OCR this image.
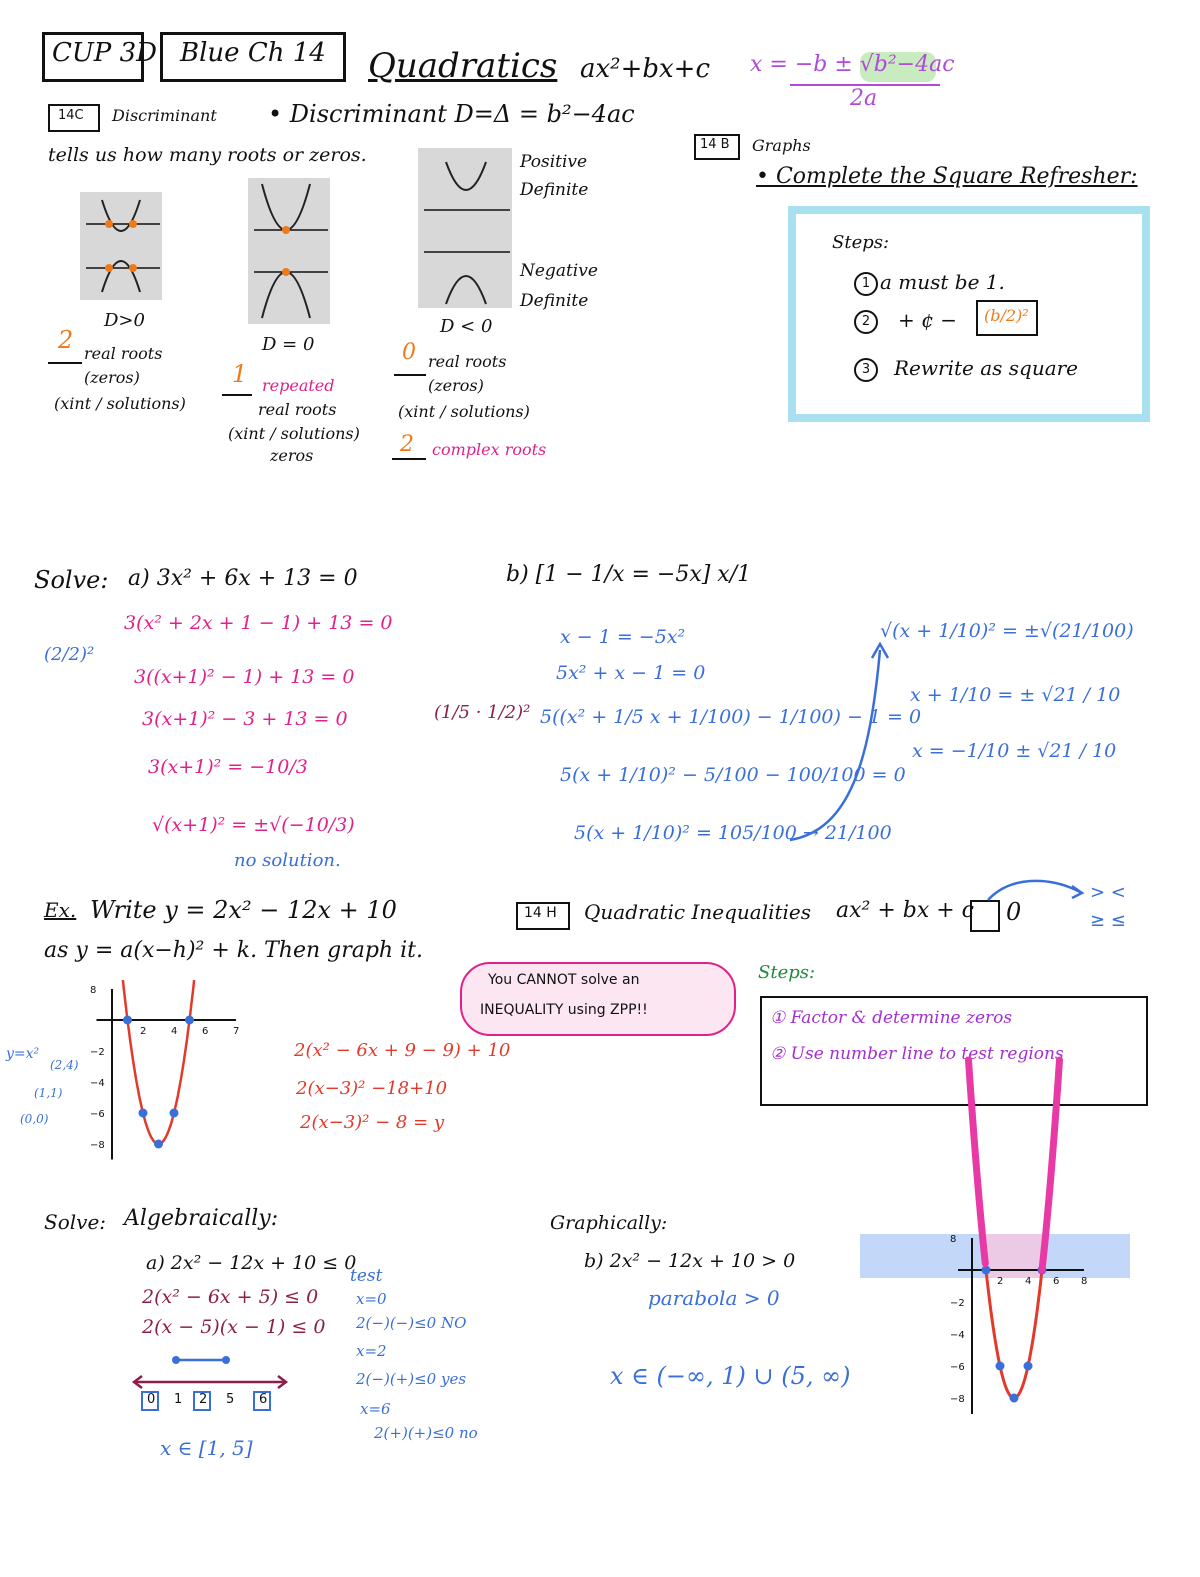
CUP 3D Blue Ch 14 Quadratics ax²+bx+c x = −b ± √b²−4ac
2a
14C Discriminant • Discriminant D=Δ = b²−4ac
tells us how many roots or zeros.	Positive Definite
Negative Definite
D>0
2 real roots
(zeros)
(xint / solutions)
D = 0
1 repeated
real roots
(xint / solutions)
zeros
D < 0
0 real roots
(zeros)
(xint / solutions)
2 complex roots
14 B Graphs
• Complete the Square Refresher:
Steps:
a must be 1.
1
+ ¢ −
2	(b/2)²
Rewrite as square
3
Solve: a) 3x² + 6x + 13 = 0
(2/2)²
3(x² + 2x + 1 − 1) + 13 = 0
3((x+1)² − 1) + 13 = 0
3(x+1)² − 3 + 13 = 0
3(x+1)² = −10/3
√(x+1)² = ±√(−10/3)
no solution.
b) [1 − 1/x = −5x] x/1
(1/5 · 1/2)²
x − 1 = −5x²
5x² + x − 1 = 0
5((x² + 1/5 x + 1/100) − 1/100) − 1 = 0
5(x + 1/10)² − 5/100 − 100/100 = 0
5(x + 1/10)² = 105/100 → 21/100
√(x + 1/10)² = ±√(21/100)
x + 1/10 = ± √21 / 10
x = −1/10 ± √21 / 10
Ex. Write y = 2x² − 12x + 10
as y = a(x−h)² + k. Then graph it.
2(x² − 6x + 9 − 9) + 10
2(x−3)² −18+10
2(x−3)² − 8 = y
y=x²
(2,4)
(1,1)
(0,0)
8
−2
−4
−6
−8
2 4 6 7
14 H Quadratic Inequalities ax² + bx + c 0
> <
≥ ≤
You CANNOT solve an
INEQUALITY using ZPP!!
Steps:
① Factor & determine zeros
② Use number line to test regions
Solve: Algebraically:
a) 2x² − 12x + 10 ≤ 0
2(x² − 6x + 5) ≤ 0
2(x − 5)(x − 1) ≤ 0
test
x=0
2(−)(−)≤0 NO
x=2
2(−)(+)≤0 yes
x=6
2(+)(+)≤0 no
0 1 2 5 6
x ∈ [1, 5]
Graphically:
b) 2x² − 12x + 10 > 0
parabola > 0
x ∈ (−∞, 1) ∪ (5, ∞)
8
−2
−4
−6
−8
2 4 6 8
